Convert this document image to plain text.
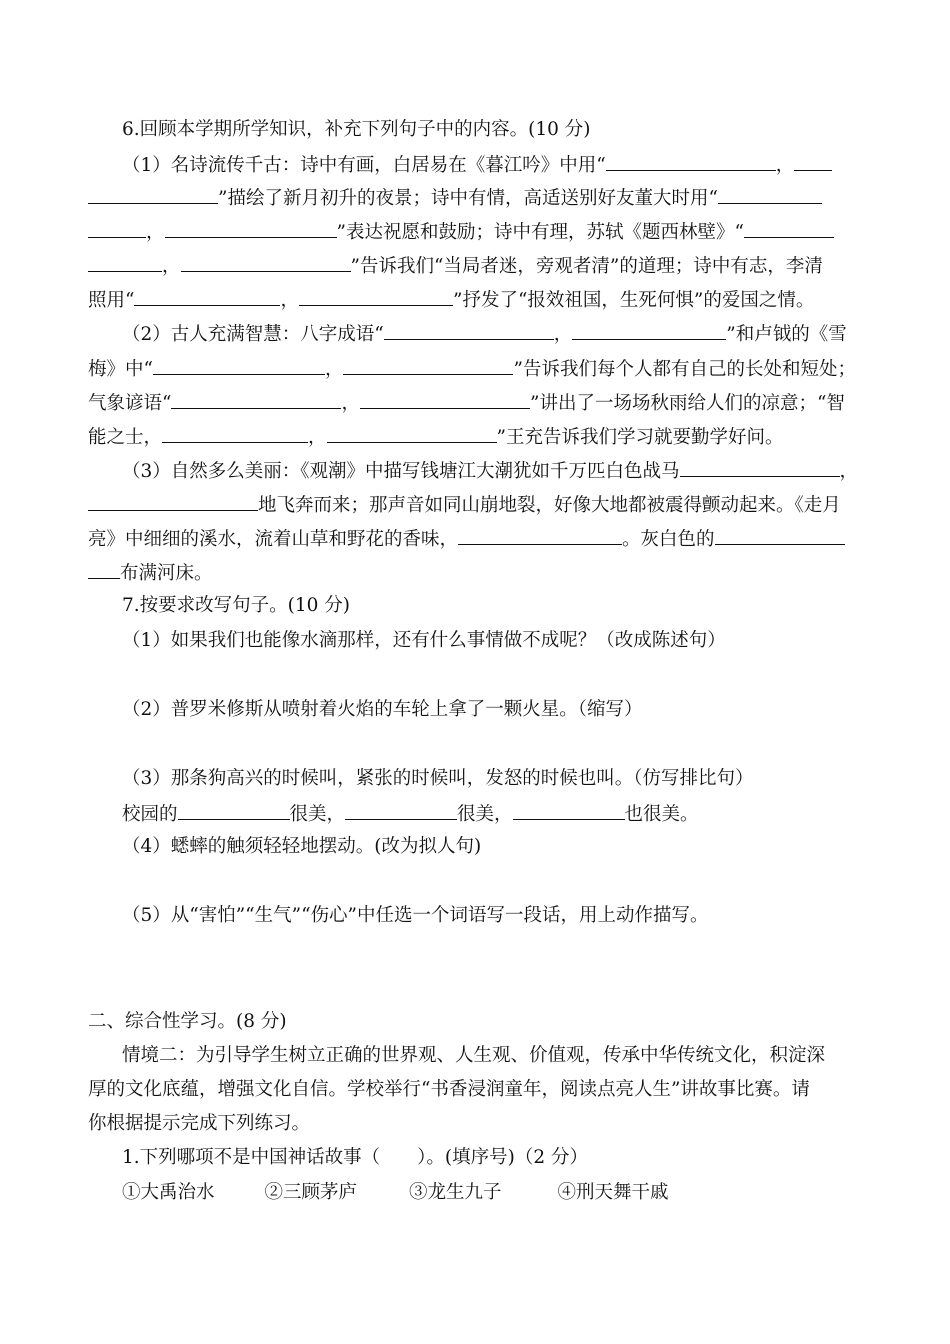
6.回顾本学期所学知识，补充下列句子中的内容。(10 分)
（1）名诗流传千古：诗中有画，白居易在《暮江吟》中用“	，
”描绘了新月初升的夜景；诗中有情，高适送别好友董大时用“
，	”表达祝愿和鼓励；诗中有理，苏轼《题西林壁》“
，	”告诉我们“当局者迷，旁观者清”的道理；诗中有志，李清
照用“	，	”抒发了“报效祖国，生死何惧”的爱国之情。
（2）古人充满智慧：八字成语“	，	”和卢钺的《雪
梅》中“	，	”告诉我们每个人都有自己的长处和短处；
气象谚语“	，	”讲出了一场场秋雨给人们的凉意；“智
能之士，	，	”王充告诉我们学习就要勤学好问。
（3）自然多么美丽：《观潮》中描写钱塘江大潮犹如千万匹白色战马	，
地飞奔而来；那声音如同山崩地裂，好像大地都被震得颤动起来。《走月
亮》中细细的溪水，流着山草和野花的香味，	。灰白色的
布满河床。
7.按要求改写句子。(10 分)
（1）如果我们也能像水滴那样，还有什么事情做不成呢？（改成陈述句）
（2）普罗米修斯从喷射着火焰的车轮上拿了一颗火星。（缩写）
（3）那条狗高兴的时候叫，紧张的时候叫，发怒的时候也叫。（仿写排比句）
校园的	很美，	很美，	也很美。
（4）蟋蟀的触须轻轻地摆动。(改为拟人句)
（5）从“害怕”“生气”“伤心”中任选一个词语写一段话，用上动作描写。
二、综合性学习。(8 分)
情境二：为引导学生树立正确的世界观、人生观、价值观，传承中华传统文化，积淀深
厚的文化底蕴，增强文化自信。学校举行“书香浸润童年，阅读点亮人生”讲故事比赛。请
你根据提示完成下列练习。
1.下列哪项不是中国神话故事（　　）。(填序号)（2 分）
①大禹治水	②三顾茅庐	③龙生九子	④刑天舞干戚
